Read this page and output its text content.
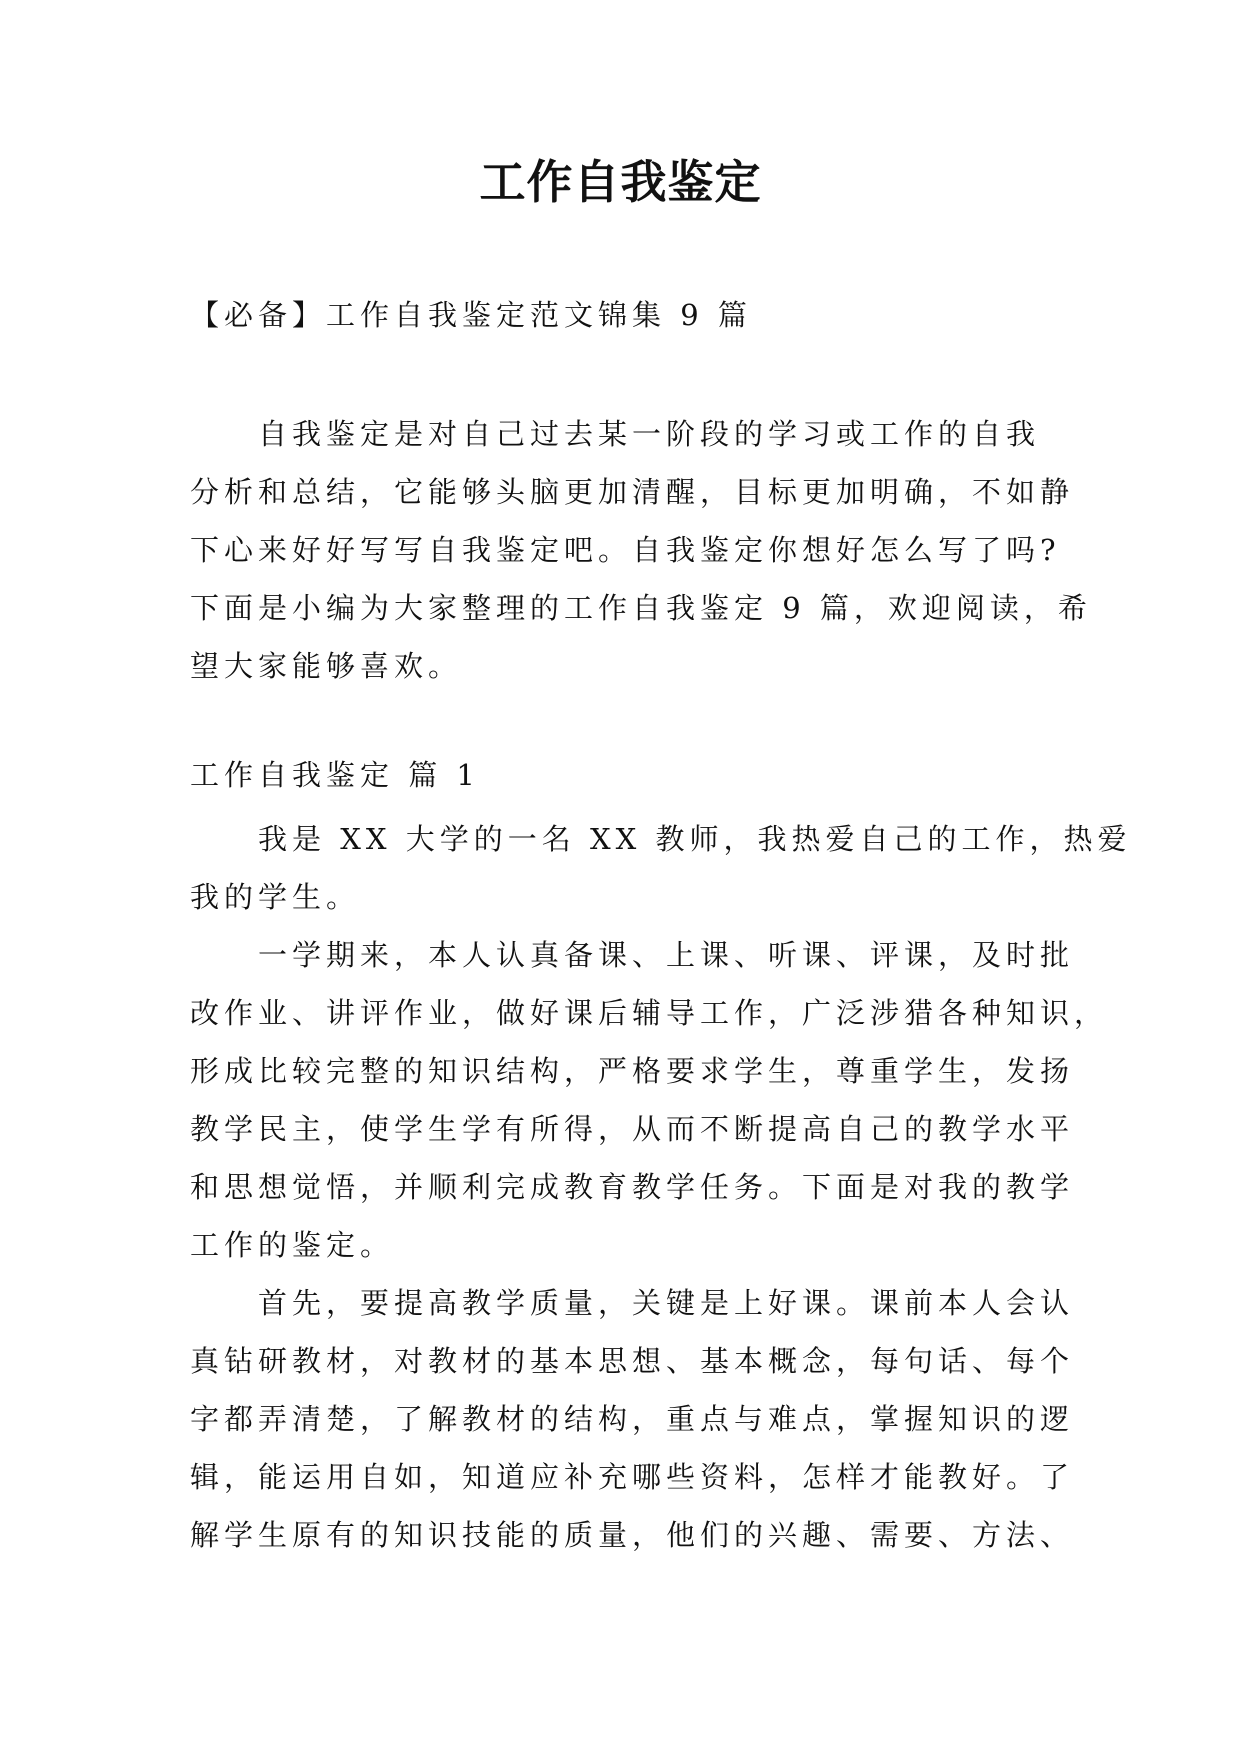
工作自我鉴定
【必备】工作自我鉴定范文锦集 9 篇
自我鉴定是对自己过去某一阶段的学习或工作的自我
分析和总结，它能够头脑更加清醒，目标更加明确，不如静
下心来好好写写自我鉴定吧。自我鉴定你想好怎么写了吗?
下面是小编为大家整理的工作自我鉴定 9 篇，欢迎阅读，希
望大家能够喜欢。
工作自我鉴定 篇 1
我是 XX 大学的一名 XX 教师，我热爱自己的工作，热爱
我的学生。
一学期来，本人认真备课、上课、听课、评课，及时批
改作业、讲评作业，做好课后辅导工作，广泛涉猎各种知识，
形成比较完整的知识结构，严格要求学生，尊重学生，发扬
教学民主，使学生学有所得，从而不断提高自己的教学水平
和思想觉悟，并顺利完成教育教学任务。下面是对我的教学
工作的鉴定。
首先，要提高教学质量，关键是上好课。课前本人会认
真钻研教材，对教材的基本思想、基本概念，每句话、每个
字都弄清楚，了解教材的结构，重点与难点，掌握知识的逻
辑，能运用自如，知道应补充哪些资料，怎样才能教好。了
解学生原有的知识技能的质量，他们的兴趣、需要、方法、
